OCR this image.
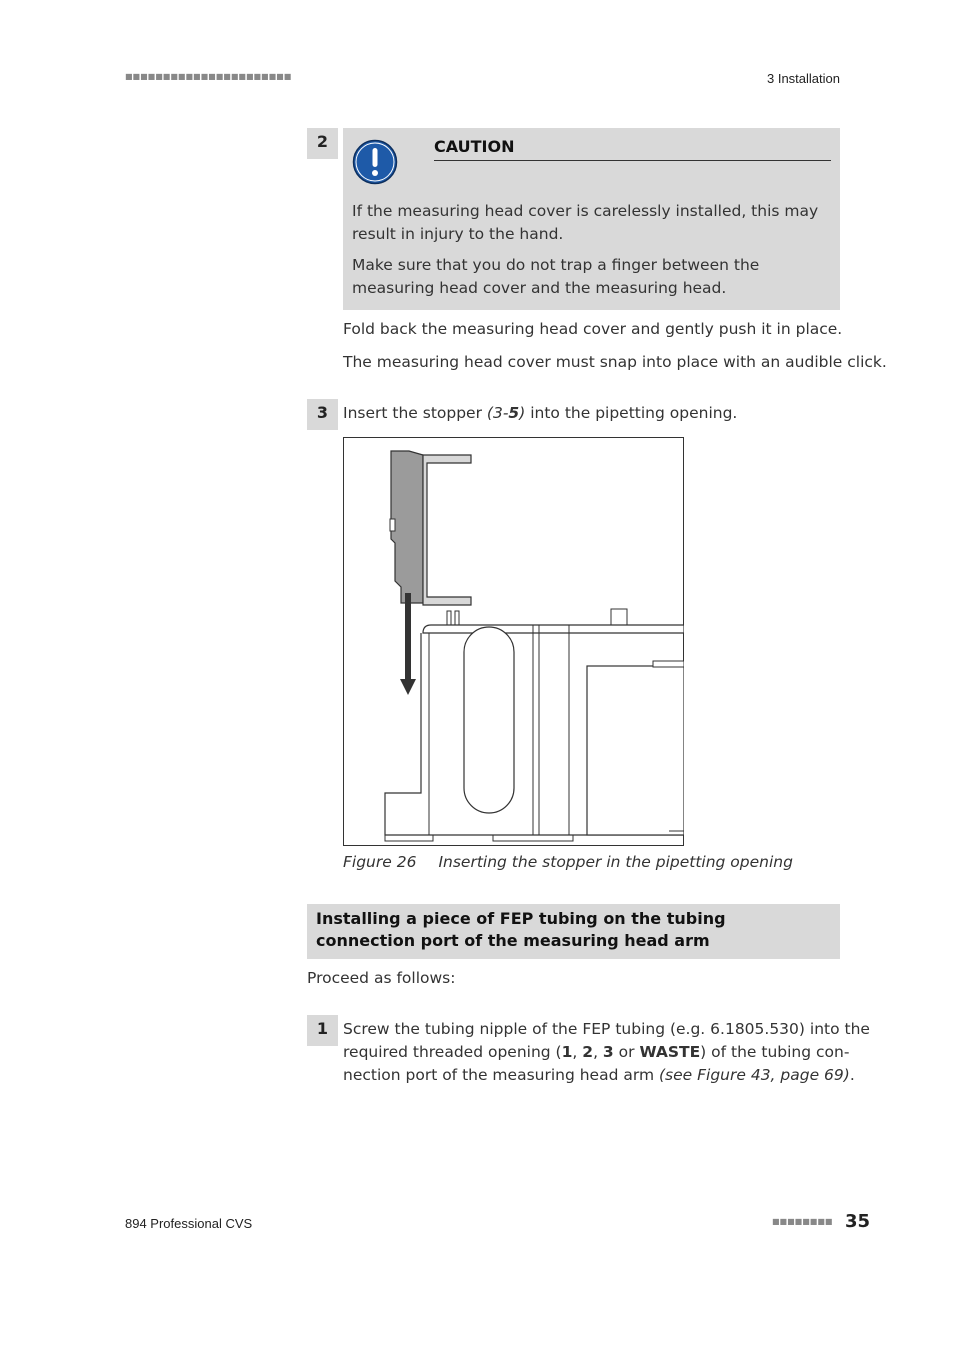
■■■■■■■■■■■■■■■■■■■■■■	3 Installation
2	CAUTION
If the measuring head cover is carelessly installed, this may result in injury to the hand.
Make sure that you do not trap a finger between the measuring head cover and the measuring head.
Fold back the measuring head cover and gently push it in place.
The measuring head cover must snap into place with an audible click.
3 Insert the stopper (3-5) into the pipetting opening.
Figure 26 Inserting the stopper in the pipetting opening
Installing a piece of FEP tubing on the tubing connection port of the measuring head arm
Proceed as follows:
1 Screw the tubing nipple of the FEP tubing (e.g. 6.1805.530) into the
required threaded opening (1, 2, 3 or WASTE) of the tubing con-
nection port of the measuring head arm (see Figure 43, page 69).
894 Professional CVS	■■■■■■■■ 35
